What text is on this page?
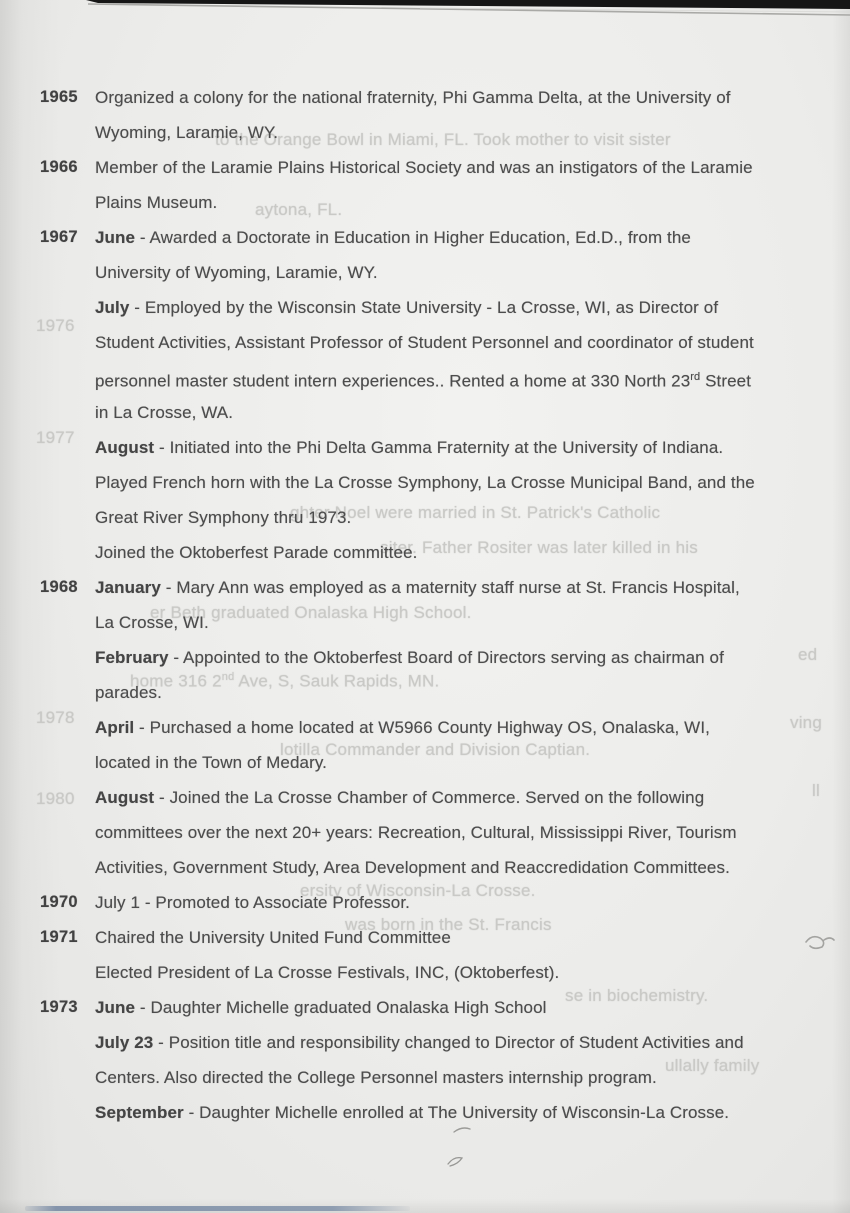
to the Orange Bowl in Miami, FL. Took mother to visit sister
aytona, FL.
1976
1977
ghter Noel were married in St. Patrick's Catholic
siter. Father Rositer was later killed in his
er Beth graduated Onalaska High School.
ed
home 316 2nd Ave, S, Sauk Rapids, MN.
1978	ving
lotilla Commander and Division Captian.
1980	ll
ersity of Wisconsin-La Crosse.
was born in the St. Francis
se in biochemistry.
ullally family
1965	Organized a colony for the national fraternity, Phi Gamma Delta, at the University of
Wyoming, Laramie, WY.
1966	Member of the Laramie Plains Historical Society and was an instigators of the Laramie
Plains Museum.
1967	June - Awarded a Doctorate in Education in Higher Education, Ed.D., from the
University of Wyoming, Laramie, WY.
July - Employed by the Wisconsin State University - La Crosse, WI, as Director of
Student Activities, Assistant Professor of Student Personnel and coordinator of student
personnel master student intern experiences.. Rented a home at 330 North 23rd Street
in La Crosse, WA.
August - Initiated into the Phi Delta Gamma Fraternity at the University of Indiana.
Played French horn with the La Crosse Symphony, La Crosse Municipal Band, and the
Great River Symphony thru 1973.
Joined the Oktoberfest Parade committee.
1968	January - Mary Ann was employed as a maternity staff nurse at St. Francis Hospital,
La Crosse, WI.
February - Appointed to the Oktoberfest Board of Directors serving as chairman of
parades.
April - Purchased a home located at W5966 County Highway OS, Onalaska, WI,
located in the Town of Medary.
August - Joined the La Crosse Chamber of Commerce. Served on the following
committees over the next 20+ years: Recreation, Cultural, Mississippi River, Tourism
Activities, Government Study, Area Development and Reaccredidation Committees.
1970	July 1 - Promoted to Associate Professor.
1971	Chaired the University United Fund Committee
Elected President of La Crosse Festivals, INC, (Oktoberfest).
1973	June - Daughter Michelle graduated Onalaska High School
July 23 - Position title and responsibility changed to Director of Student Activities and
Centers. Also directed the College Personnel masters internship program.
September - Daughter Michelle enrolled at The University of Wisconsin-La Crosse.
